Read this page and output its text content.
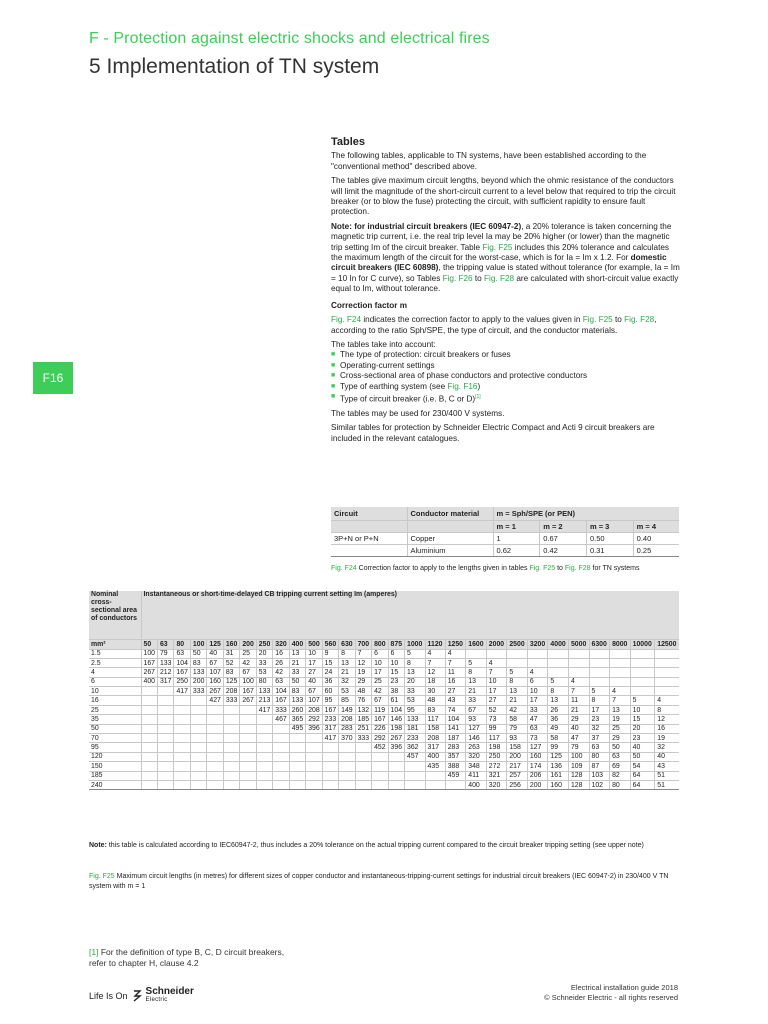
F - Protection against electric shocks and electrical fires
5 Implementation of TN system
F16
Tables

The following tables, applicable to TN systems, have been established according to the "conventional method" described above.

The tables give maximum circuit lengths, beyond which the ohmic resistance of the conductors will limit the magnitude of the short-circuit current to a level below that required to trip the circuit breaker (or to blow the fuse) protecting the circuit, with sufficient rapidity to ensure fault protection.

Note: for industrial circuit breakers (IEC 60947-2), a 20% tolerance is taken concerning the magnetic trip current, i.e. the real trip level Ia may be 20% higher (or lower) than the magnetic trip setting Im of the circuit breaker. Table Fig. F25 includes this 20% tolerance and calculates the maximum length of the circuit for the worst-case, which is for Ia = Im x 1.2. For domestic circuit breakers (IEC 60898), the tripping value is stated without tolerance (for example, Ia = Im = 10 In for C curve), so Tables Fig. F26 to Fig. F28 are calculated with short-circuit value exactly equal to Im, without tolerance.

Correction factor m

Fig. F24 indicates the correction factor to apply to the values given in Fig. F25 to Fig. F28, according to the ratio Sph/SPE, the type of circuit, and the conductor materials.

The tables take into account:

■ The type of protection: circuit breakers or fuses
■ Operating-current settings
■ Cross-sectional area of phase conductors and protective conductors
■ Type of earthing system (see Fig. F16)
■ Type of circuit breaker (i.e. B, C or D)[1]

The tables may be used for 230/400 V systems.

Similar tables for protection by Schneider Electric Compact and Acti 9 circuit breakers are included in the relevant catalogues.

Circuit	Conductor material	m = Sph/SPE (or PEN)			
		m = 1	m = 2	m = 3	m = 4
3P+N or P+N	Copper	1	0.67	0.50	0.40
	Aluminium	0.62	0.42	0.31	0.25
Fig. F24 Correction factor to apply to the lengths given in tables Fig. F25 to Fig. F28 for TN systems
Nominal cross-sectional area of conductors	Instantaneous or short-time-delayed CB tripping current setting Im (amperes)																												
mm²	50	63	80	100	125	160	200	250	320	400	500	560	630	700	800	875	1000	1120	1250	1600	2000	2500	3200	4000	5000	6300	8000	10000	12500
1.5	100	79	63	50	40	31	25	20	16	13	10	9	8	7	6	6	5	4	4										
2.5	167	133	104	83	67	52	42	33	26	21	17	15	13	12	10	10	8	7	7	5	4								
4	267	212	167	133	107	83	67	53	42	33	27	24	21	19	17	15	13	12	11	8	7	5	4						
6	400	317	250	200	160	125	100	80	63	50	40	36	32	29	25	23	20	18	16	13	10	8	6	5	4				
10			417	333	267	208	167	133	104	83	67	60	53	48	42	38	33	30	27	21	17	13	10	8	7	5	4		
16					427	333	267	213	167	133	107	95	85	76	67	61	53	48	43	33	27	21	17	13	11	8	7	5	4
25								417	333	260	208	167	149	132	119	104	95	83	74	67	52	42	33	26	21	17	13	10	8
35									467	365	292	233	208	185	167	146	133	117	104	93	73	58	47	36	29	23	19	15	12
50										495	396	317	283	251	226	198	181	158	141	127	99	79	63	49	40	32	25	20	16
70												417	370	333	292	267	233	208	187	146	117	93	73	58	47	37	29	23	19
95															452	396	362	317	283	263	198	158	127	99	79	63	50	40	32
120																	457	400	357	320	250	200	160	125	100	80	63	50	40
150																		435	388	348	272	217	174	136	109	87	69	54	43
185																			459	411	321	257	206	161	128	103	82	64	51
240																				400	320	256	200	160	128	102	80	64	51
Note: this table is calculated according to IEC60947-2, thus includes a 20% tolerance on the actual tripping current compared to the circuit breaker tripping setting (see upper note)
Fig. F25 Maximum circuit lengths (in metres) for different sizes of copper conductor and instantaneous-tripping-current settings for industrial circuit breakers (IEC 60947-2) in 230/400 V TN system with m = 1
[1] For the definition of type B, C, D circuit breakers,
refer to chapter H, clause 4.2
Life Is On Schneider
Electric
Electrical installation guide 2018
© Schneider Electric - all rights reserved
